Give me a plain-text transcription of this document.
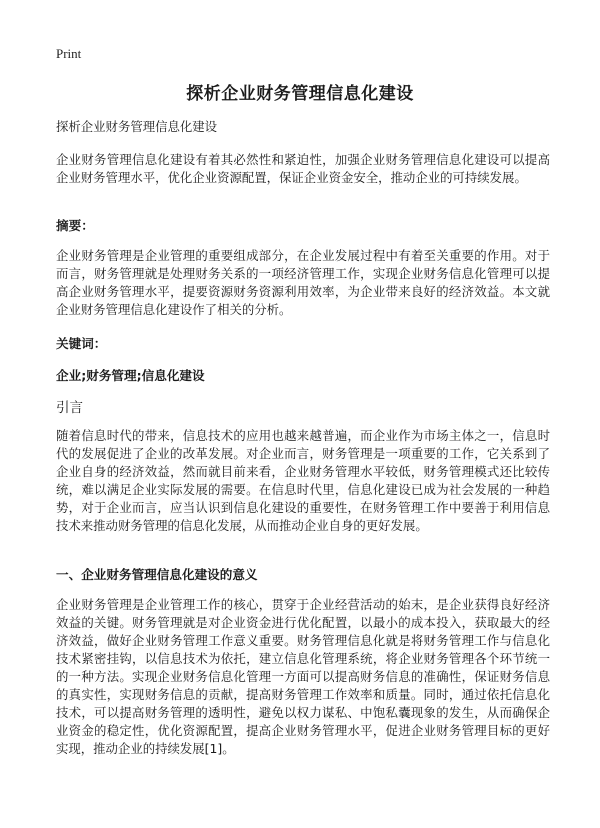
Print
探析企业财务管理信息化建设
探析企业财务管理信息化建设
企业财务管理信息化建设有着其必然性和紧迫性，加强企业财务管理信息化建设可以提高企业财务管理水平，优化企业资源配置，保证企业资金安全，推动企业的可持续发展。
摘要：
企业财务管理是企业管理的重要组成部分，在企业发展过程中有着至关重要的作用。对于而言，财务管理就是处理财务关系的一项经济管理工作，实现企业财务信息化管理可以提高企业财务管理水平，提要资源财务资源利用效率，为企业带来良好的经济效益。本文就企业财务管理信息化建设作了相关的分析。
关键词：
企业;财务管理;信息化建设
引言
随着信息时代的带来，信息技术的应用也越来越普遍，而企业作为市场主体之一，信息时代的发展促进了企业的改革发展。对企业而言，财务管理是一项重要的工作，它关系到了企业自身的经济效益，然而就目前来看，企业财务管理水平较低，财务管理模式还比较传统，难以满足企业实际发展的需要。在信息时代里，信息化建设已成为社会发展的一种趋势，对于企业而言，应当认识到信息化建设的重要性，在财务管理工作中要善于利用信息技术来推动财务管理的信息化发展，从而推动企业自身的更好发展。
一、企业财务管理信息化建设的意义
企业财务管理是企业管理工作的核心，贯穿于企业经营活动的始末，是企业获得良好经济效益的关键。财务管理就是对企业资金进行优化配置，以最小的成本投入，获取最大的经济效益，做好企业财务管理工作意义重要。财务管理信息化就是将财务管理工作与信息化技术紧密挂钩，以信息技术为依托，建立信息化管理系统，将企业财务管理各个环节统一的一种方法。实现企业财务信息化管理一方面可以提高财务信息的准确性，保证财务信息的真实性，实现财务信息的贡献，提高财务管理工作效率和质量。同时，通过依托信息化技术，可以提高财务管理的透明性，避免以权力谋私、中饱私囊现象的发生，从而确保企业资金的稳定性，优化资源配置，提高企业财务管理水平，促进企业财务管理目标的更好实现，推动企业的持续发展[1]。
